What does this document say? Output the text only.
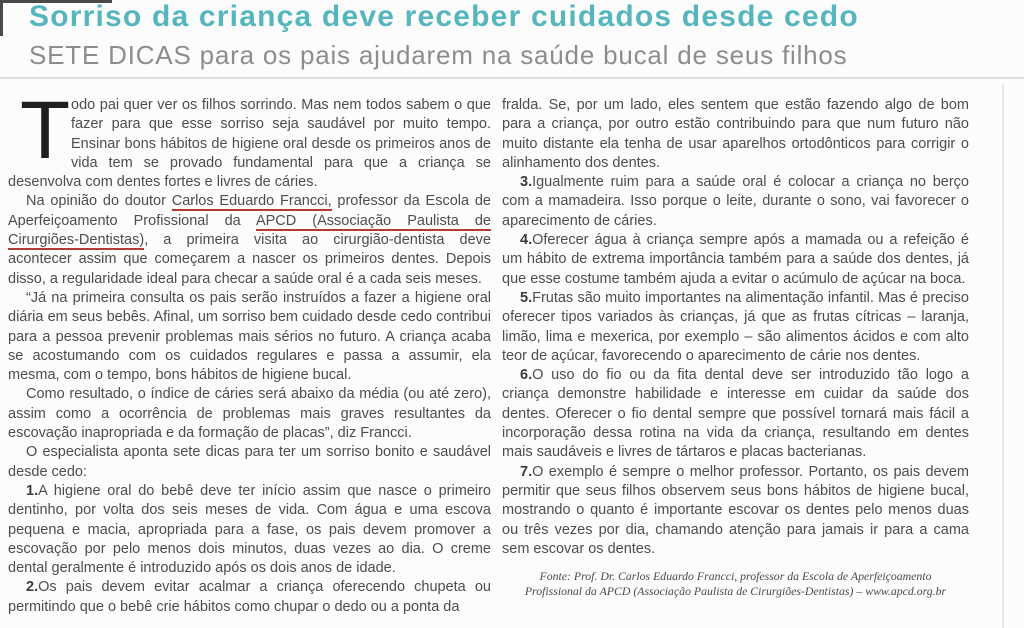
Sorriso da criança deve receber cuidados desde cedo
SETE DICAS para os pais ajudarem na saúde bucal de seus filhos

Todo pai quer ver os filhos sorrindo. Mas nem todos sabem o que fazer para que esse sorriso seja saudável por muito tempo. Ensinar bons hábitos de higiene oral desde os primeiros anos de vida tem se provado fundamental para que a criança se desenvolva com dentes fortes e livres de cáries.

Na opinião do doutor Carlos Eduardo Francci, professor da Escola de Aperfeiçoamento Profissional da APCD (Associação Paulista de Cirurgiões-Dentistas), a primeira visita ao cirurgião-dentista deve acontecer assim que começarem a nascer os primeiros dentes. Depois disso, a regularidade ideal para checar a saúde oral é a cada seis meses.

“Já na primeira consulta os pais serão instruídos a fazer a higiene oral diária em seus bebês. Afinal, um sorriso bem cuidado desde cedo contribui para a pessoa prevenir problemas mais sérios no futuro. A criança acaba se acostumando com os cuidados regulares e passa a assumir, ela mesma, com o tempo, bons hábitos de higiene bucal.

Como resultado, o índice de cáries será abaixo da média (ou até zero), assim como a ocorrência de problemas mais graves resultantes da escovação inapropriada e da formação de placas”, diz Francci.

O especialista aponta sete dicas para ter um sorriso bonito e saudável desde cedo:

1.A higiene oral do bebê deve ter início assim que nasce o primeiro dentinho, por volta dos seis meses de vida. Com água e uma escova pequena e macia, apropriada para a fase, os pais devem promover a escovação por pelo menos dois minutos, duas vezes ao dia. O creme dental geralmente é introduzido após os dois anos de idade.

2.Os pais devem evitar acalmar a criança oferecendo chupeta ou permitindo que o bebê crie hábitos como chupar o dedo ou a ponta da

fralda. Se, por um lado, eles sentem que estão fazendo algo de bom para a criança, por outro estão contribuindo para que num futuro não muito distante ela tenha de usar aparelhos ortodônticos para corrigir o alinhamento dos dentes.

3.Igualmente ruim para a saúde oral é colocar a criança no berço com a mamadeira. Isso porque o leite, durante o sono, vai favorecer o aparecimento de cáries.

4.Oferecer água à criança sempre após a mamada ou a refeição é um hábito de extrema importância também para a saúde dos dentes, já que esse costume também ajuda a evitar o acúmulo de açúcar na boca.

5.Frutas são muito importantes na alimentação infantil. Mas é preciso oferecer tipos variados às crianças, já que as frutas cítricas – laranja, limão, lima e mexerica, por exemplo – são alimentos ácidos e com alto teor de açúcar, favorecendo o aparecimento de cárie nos dentes.

6.O uso do fio ou da fita dental deve ser introduzido tão logo a criança demonstre habilidade e interesse em cuidar da saúde dos dentes. Oferecer o fio dental sempre que possível tornará mais fácil a incorporação dessa rotina na vida da criança, resultando em dentes mais saudáveis e livres de tártaros e placas bacterianas.

7.O exemplo é sempre o melhor professor. Portanto, os pais devem permitir que seus filhos observem seus bons hábitos de higiene bucal, mostrando o quanto é importante escovar os dentes pelo menos duas ou três vezes por dia, chamando atenção para jamais ir para a cama sem escovar os dentes.

Fonte: Prof. Dr. Carlos Eduardo Francci, professor da Escola de Aperfeiçoamento Profissional da APCD (Associação Paulista de Cirurgiões-Dentistas) – www.apcd.org.br
